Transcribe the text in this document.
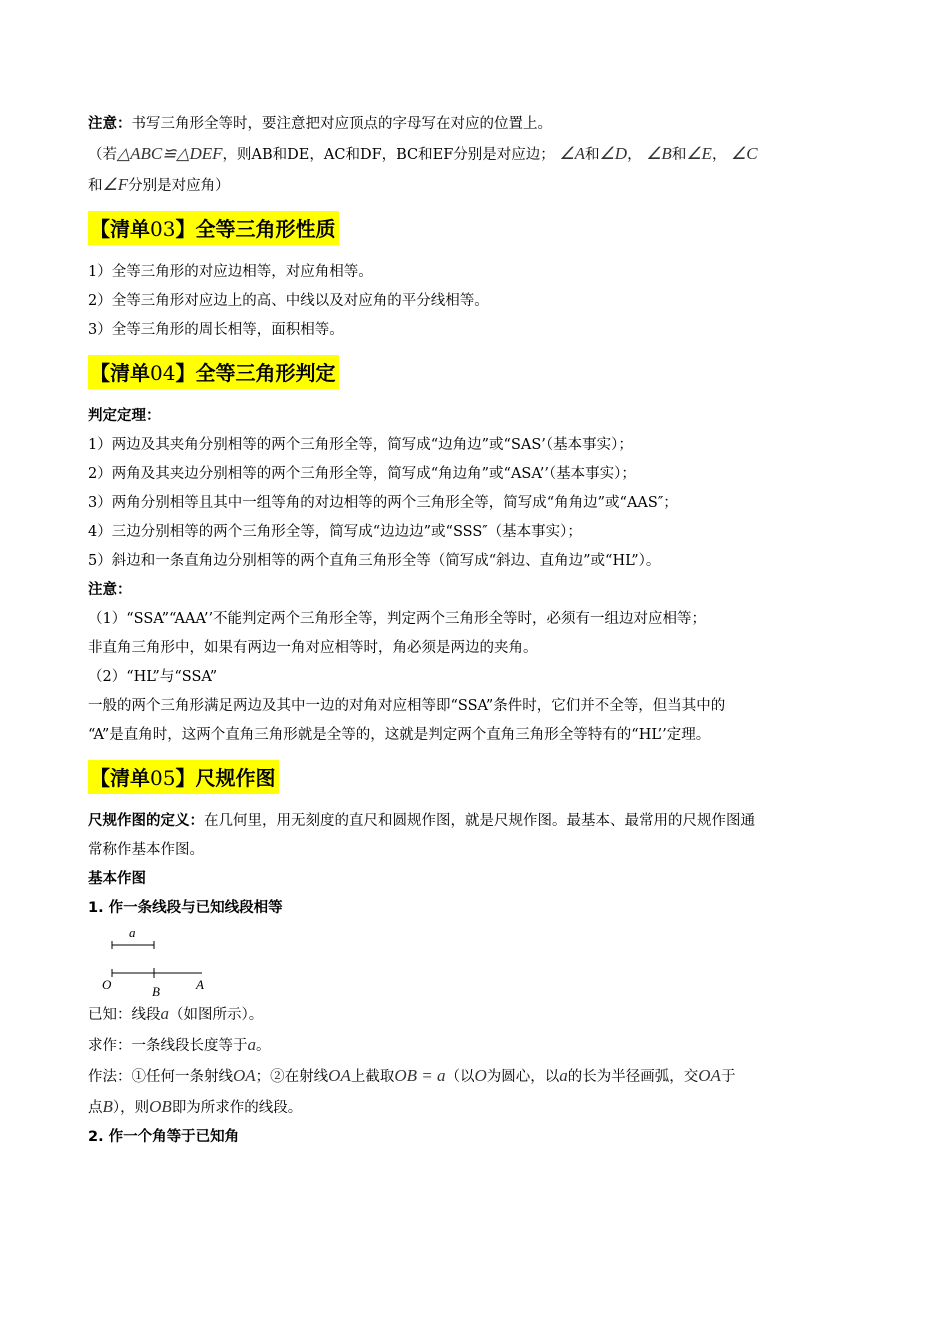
注意：书写三角形全等时，要注意把对应顶点的字母写在对应的位置上。
（若△ABC≌△DEF，则AB和DE，AC和DF，BC和EF分别是对应边； ∠A和∠D， ∠B和∠E， ∠C
和∠F分别是对应角）
【清单03】全等三角形性质
1）全等三角形的对应边相等，对应角相等。
2）全等三角形对应边上的高、中线以及对应角的平分线相等。
3）全等三角形的周长相等，面积相等。
【清单04】全等三角形判定
判定定理：
1）两边及其夹角分别相等的两个三角形全等，简写成“边角边”或“SAS’（基本事实）；
2）两角及其夹边分别相等的两个三角形全等，简写成“角边角”或“ASA’’（基本事实）；
3）两角分别相等且其中一组等角的对边相等的两个三角形全等，简写成“角角边”或“AAS″；
4）三边分别相等的两个三角形全等，简写成“边边边”或“SSS″（基本事实）；
5）斜边和一条直角边分别相等的两个直角三角形全等（简写成“斜边、直角边”或“HL”）。
注意：
（1）“SSA”“AAA’’不能判定两个三角形全等，判定两个三角形全等时，必须有一组边对应相等；
非直角三角形中，如果有两边一角对应相等时，角必须是两边的夹角。
（2）“HL”与“SSA”
一般的两个三角形满足两边及其中一边的对角对应相等即“SSA”条件时，它们并不全等，但当其中的
“A”是直角时，这两个直角三角形就是全等的，这就是判定两个直角三角形全等特有的“HL’’定理。
【清单05】尺规作图
尺规作图的定义：在几何里，用无刻度的直尺和圆规作图，就是尺规作图。最基本、最常用的尺规作图通
常称作基本作图。
基本作图
1. 作一条线段与已知线段相等
a
O	B	A
已知：线段a（如图所示）。
求作：一条线段长度等于a。
作法：①任何一条射线OA；②在射线OA上截取OB = a（以O为圆心，以a的长为半径画弧，交OA于
点B），则OB即为所求作的线段。
2. 作一个角等于已知角
